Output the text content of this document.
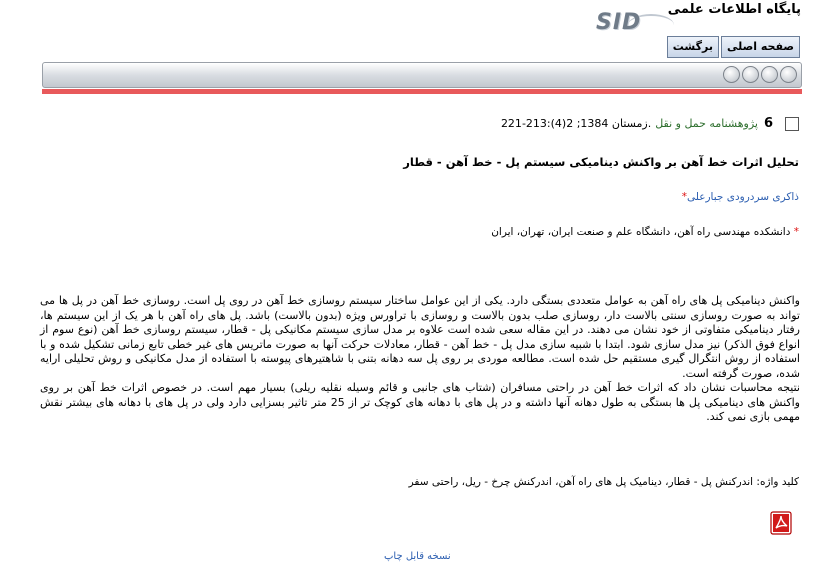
پایگاه اطلاعات علمی
SID
صفحه اصلی
برگشت
6
پژوهشنامه حمل و نقل
زمستان 1384; 2(4):213-221.
تحلیل اثرات خط آهن بر واکنش دینامیکی سیستم پل - خط آهن - قطار
ذاکری سردرودی جبارعلی*
* دانشکده مهندسی راه آهن، دانشگاه علم و صنعت ایران، تهران، ایران

واکنش دینامیکی پل های راه آهن به عوامل متعددی بستگی دارد. یکی از این عوامل ساختار سیستم روسازی خط آهن در روی پل است. روسازی خط آهن در پل ها می تواند به صورت روسازی سنتی بالاست دار، روسازی صلب بدون بالاست و روسازی با تراورس ویژه (بدون بالاست) باشد. پل های راه آهن با هر یک از این سیستم ها، رفتار دینامیکی متفاوتی از خود نشان می دهند. در این مقاله سعی شده است علاوه بر مدل سازی سیستم مکانیکی پل - قطار، سیستم روسازی خط آهن (نوع سوم از انواع فوق الذکر) نیز مدل سازی شود. ابتدا با شبیه سازی مدل پل - خط آهن - قطار، معادلات حرکت آنها به صورت ماتریس های غیر خطی تابع زمانی تشکیل شده و با استفاده از روش انتگرال گیری مستقیم حل شده است. مطالعه موردی بر روی پل سه دهانه بتنی با شاهتیرهای پیوسته با استفاده از مدل مکانیکی و روش تحلیلی ارایه شده، صورت گرفته است.

نتیجه محاسبات نشان داد که اثرات خط آهن در راحتی مسافران (شتاب های جانبی و قائم وسیله نقلیه ریلی) بسیار مهم است. در خصوص اثرات خط آهن بر روی واکنش های دینامیکی پل ها بستگی به طول دهانه آنها داشته و در پل های با دهانه های کوچک تر از 25 متر تاثیر بسزایی دارد ولی در پل های با دهانه های بیشتر نقش مهمی بازی نمی کند.

کلید واژه: اندرکنش پل - قطار، دینامیک پل های راه آهن، اندرکنش چرخ - ریل، راحتی سفر
نسخه قابل چاپ
